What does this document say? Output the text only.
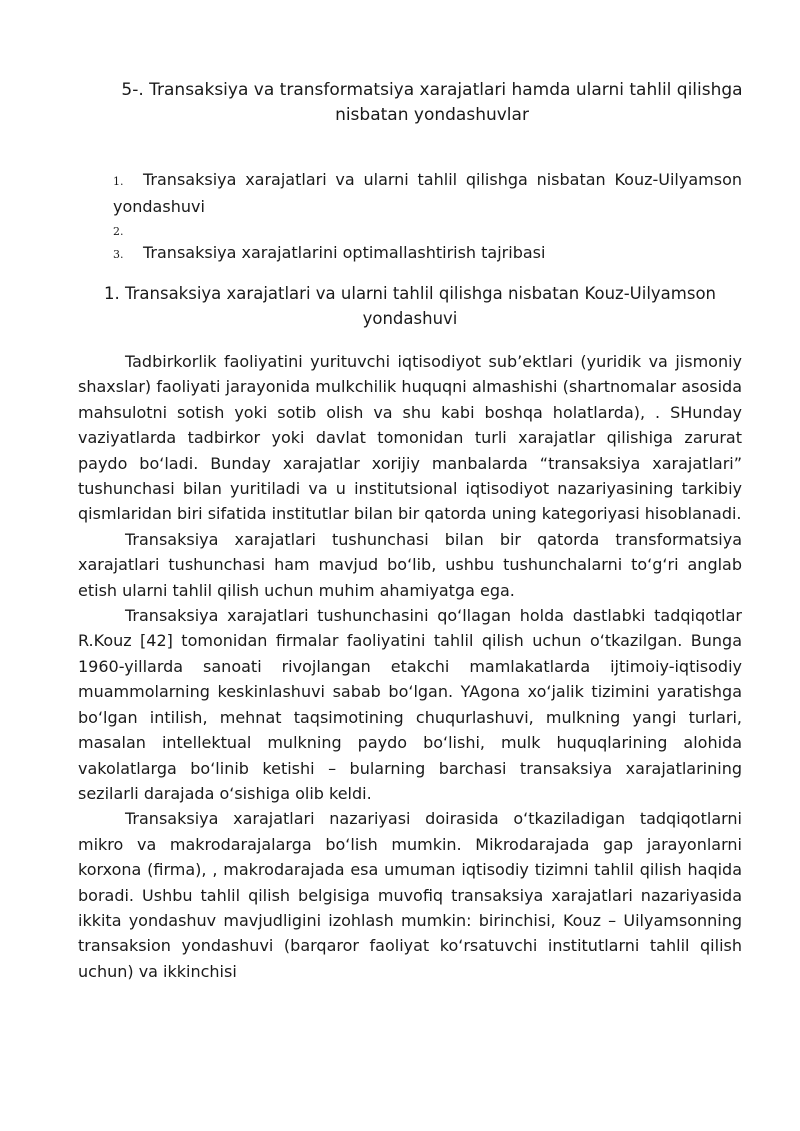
5-. Transaksiya va transformatsiya xarajatlari hamda ularni tahlil qilishga nisbatan yondashuvlar
1. Transaksiya xarajatlari va ularni tahlil qilishga nisbatan Kouz-Uilyamson yondashuvi
2.
3. Transaksiya xarajatlarini optimallashtirish tajribasi
1. Transaksiya xarajatlari va ularni tahlil qilishga nisbatan Kouz-Uilyamson yondashuvi

Tadbirkorlik faoliyatini yurituvchi iqtisodiyot sub’ektlari (yuridik va jismoniy shaxslar) faoliyati jarayonida mulkchilik huquqni almashishi (shartnomalar asosida mahsulotni sotish yoki sotib olish va shu kabi boshqa holatlarda), . SHunday vaziyatlarda tadbirkor yoki davlat tomonidan turli xarajatlar qilishiga zarurat paydo bo‘ladi. Bunday xarajatlar xorijiy manbalarda “transaksiya xarajatlari” tushunchasi bilan yuritiladi va u institutsional iqtisodiyot nazariyasining tarkibiy qismlaridan biri sifatida institutlar bilan bir qatorda uning kategoriyasi hisoblanadi.

Transaksiya xarajatlari tushunchasi bilan bir qatorda transformatsiya xarajatlari tushunchasi ham mavjud bo‘lib, ushbu tushunchalarni to‘g‘ri anglab etish ularni tahlil qilish uchun muhim ahamiyatga ega.

Transaksiya xarajatlari tushunchasini qo‘llagan holda dastlabki tadqiqotlar R.Kouz [42] tomonidan firmalar faoliyatini tahlil qilish uchun o‘tkazilgan. Bunga 1960-yillarda sanoati rivojlangan etakchi mamlakatlarda ijtimoiy-iqtisodiy muammolarning keskinlashuvi sabab bo‘lgan. YAgona xo‘jalik tizimini yaratishga bo‘lgan intilish, mehnat taqsimotining chuqurlashuvi, mulkning yangi turlari, masalan intellektual mulkning paydo bo‘lishi, mulk huquqlarining alohida vakolatlarga bo‘linib ketishi – bularning barchasi transaksiya xarajatlarining sezilarli darajada o‘sishiga olib keldi.

Transaksiya xarajatlari nazariyasi doirasida o‘tkaziladigan tadqiqotlarni mikro va makrodarajalarga bo‘lish mumkin. Mikrodarajada gap jarayonlarni korxona (firma), , makrodarajada esa umuman iqtisodiy tizimni tahlil qilish haqida boradi. Ushbu tahlil qilish belgisiga muvofiq transaksiya xarajatlari nazariyasida ikkita yondashuv mavjudligini izohlash mumkin: birinchisi, Kouz – Uilyamsonning transaksion yondashuvi (barqaror faoliyat ko‘rsatuvchi institutlarni tahlil qilish uchun) va ikkinchisi
